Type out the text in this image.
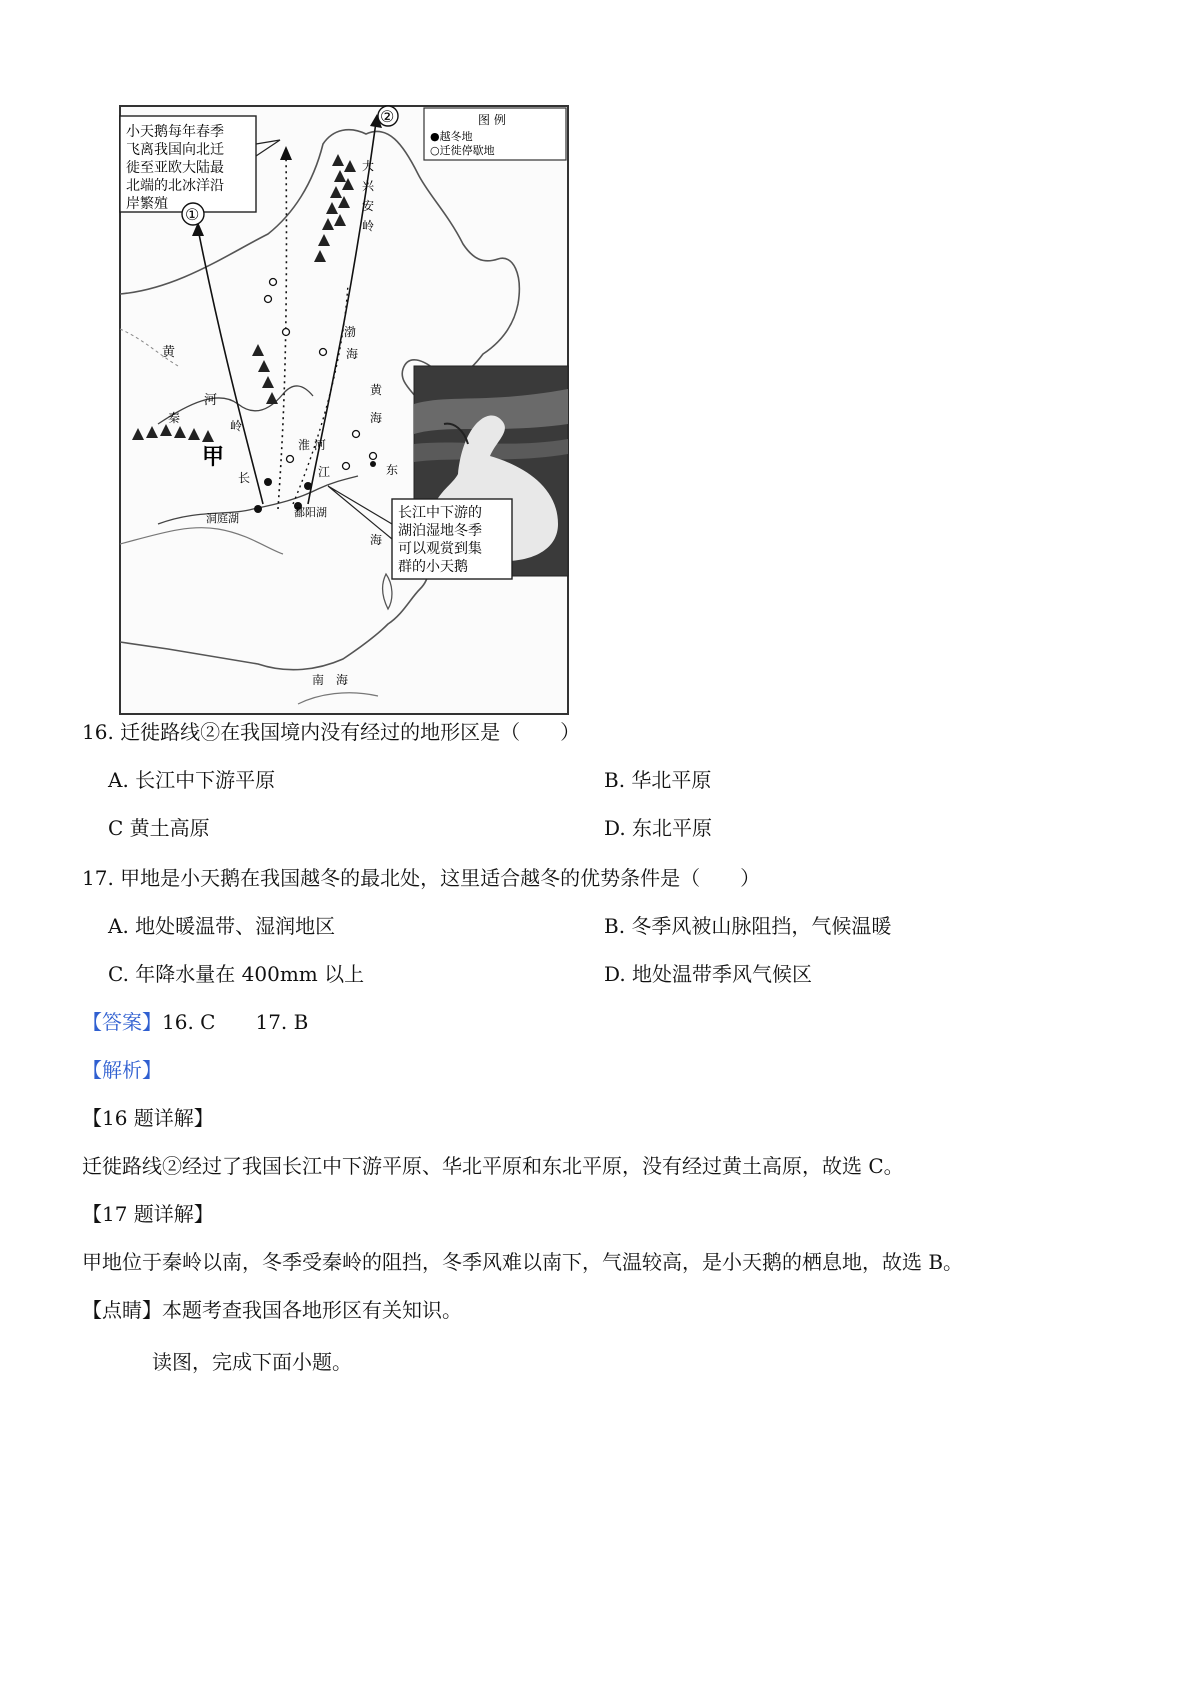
图 例
●越冬地
○迁徙停歇地
小天鹅每年春季
飞离我国向北迁
徙至亚欧大陆最
北端的北冰洋沿
岸繁殖
①
②
长江中下游的
湖泊湿地冬季
可以观赏到集
群的小天鹅
甲
大
兴
安
岭
黄
河
秦
岭
淮 河
长	江
渤
海
黄
海
东
海
南　海
洞庭湖	鄱阳湖
16. 迁徙路线②在我国境内没有经过的地形区是（　　）
A. 长江中下游平原	B. 华北平原
C 黄土高原	D. 东北平原
17. 甲地是小天鹅在我国越冬的最北处，这里适合越冬的优势条件是（　　）
A. 地处暖温带、湿润地区	B. 冬季风被山脉阻挡，气候温暖
C. 年降水量在 400mm 以上	D. 地处温带季风气候区
【答案】16. C　　17. B
【解析】
【16 题详解】
迁徙路线②经过了我国长江中下游平原、华北平原和东北平原，没有经过黄土高原，故选 C。
【17 题详解】
甲地位于秦岭以南，冬季受秦岭的阻挡，冬季风难以南下，气温较高，是小天鹅的栖息地，故选 B。
【点睛】本题考查我国各地形区有关知识。
读图，完成下面小题。
